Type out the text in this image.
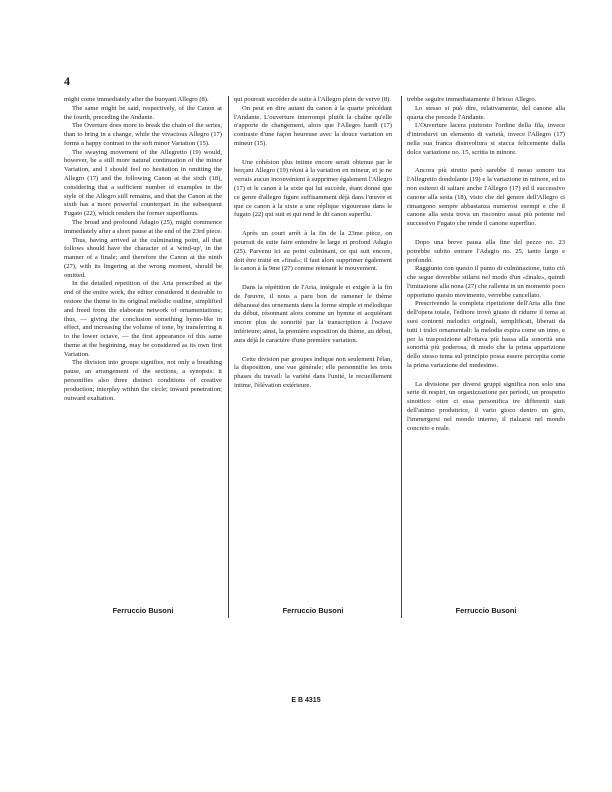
4

might come immediately after the buoyant Allegro (8).

The same might be said, respectively, of the Canon at the fourth, preceding the Andante.

The Overture does more to break the chain of the series, than to bring in a change, while the vivacious Allegro (17) forms a happy contrast to the soft minor Variation (15).

The swaying movement of the Allegretto (19) would, however, be a still more natural continuation of the minor Variation, and I should feel no hesitation in omitting the Allegro (17) and the following Canon at the sixth (18), considering that a sufficient number of examples in the style of the Allegro still remains, and that the Canon at the sixth has a more powerful counterpart in the subsequent Fugato (22), which renders the former superfluous.

The broad and profound Adagio (25), might commence immediately after a short pause at the end of the 23rd piece.

Thus, having arrived at the culminating point, all that follows should have the character of a 'wind-up', in the manner of a finale; and therefore the Canon at the ninth (27), with its lingering at the wrong moment, should be omitted.

In the detailed repetition of the Aria prescribed at the end of the entire work, the editor considered it desirable to restore the theme to its original melodic outline, simplified and freed from the elaborate network of ornamentations; thus, — giving the conclusion something hymn-like in effect, and increasing the volume of tone, by transferring it to the lower octave, — the first appearance of this same theme at the beginning, may be considered as its own first Variation.

The division into groups signifies, not only a breathing pause, an arrangement of the sections, a synopsis: it personifies also three distinct conditions of creative production; interplay within the circle; inward penetration; outward exaltation.

qui pourrait succéder de suite à l'Allegro plein de verve (8).

On peut en dire autant du canon à la quarte précédant l'Andante. L'ouverture interrompt plutôt la chaîne qu'elle n'apporte de changement, alors que l'Allegro hardi (17) contraste d'une façon heureuse avec la douce variation en mineur (15).

Une cohésion plus intime encore serait obtenue par le berçant Allegro (19) réuni à la variation en mineur, et je ne verrais aucun inconvénient à supprimer également l'Allegro (17) et le canon à la sixte qui lui succède, étant donné que ce genre d'allegro figure suffisamment déjà dans l'œuvre et que ce canon à la sixte a une réplique vigoureuse dans le fugato (22) qui suit et qui rend le dit canon superflu.

Après un court arrêt à la fin de la 23me pièce, on pourrait de suite faire entendre le large et profond Adagio (25). Parvenu ici au point culminant, ce qui suit encore, doit être traité en «final»; il faut alors supprimer également le canon à la 9me (27) comme retenant le mouvement.

Dans la répétition de l'Aria, intégrale et exigée à la fin de l'œuvre, il nous a paru bon de ramener le thème débarassé des ornements dans la forme simple et mélodique du début, résonnant alors comme un hymne et acquiérant encore plus de sonorité par la transcription à l'octave inférieure; ainsi, la première exposition du thème, au début, aura déjà le caractère d'une première variation.

Cette division par groupes indique non seulement l'élan, la disposition, une vue générale: elle personnifie les trois phases du travail: la variété dans l'unité, le recueillement intime, l'élévation extérieure.

trebbe seguire immediatamente il brioso Allegro.

Lo stesso si può dire, relativamente, del canone alla quarta che precede l'Andante.

L'Ouverture lacera piuttosto l'ordine della fila, invece d'introdurvi un elemento di varietà, invece l'Allegro (17) nella sua franca disinvoltura si stacca felicemente dalla dolce variazione no. 15, scritta in minore.

Ancora più stretto però sarebbe il nesso sonoro tra l'Allegretto dondolante (19) e la variazione in minore, ed io non esiterei di saltare anche l'Allegro (17) ed il successivo canone alla sesta (18), visto che del genere dell'Allegro ci rimangono sempre abbastanza numerosi esempi e che il canone alla sesta trova un riscontro assai più potente nel successivo Fugato che rende il canone superfluo.

Dopo una breve pausa alla fine del pezzo no. 23 potrebbe subito entrare l'Adagio no. 25, tanto largo e profondo.

Raggiunto con questo il punto di culminazione, tutto ciò che segue dovrebbe stilarsi nel modo d'un «finale», quindi l'imitazione alla nona (27) che rallenta in un momento poco opportuno questo movimento, verrebbe cancellato.

Prescrivendo la completa ripetizione dell'Aria alla fine dell'opera totale, l'editore trovò giusto di ridurre il tema ai suoi contorni melodici originali, semplificati, liberati da tutti i tralci ornamentali: la melodia espira come un inno, e per la trasposizione all'ottava più bassa alla sonorità una sonorità più poderosa, di modo che la prima apparizione dello stesso tema sul principio possa essere percepita come la prima variazione del medesimo.

La divisione per diversi gruppi significa non solo una serie di respiri, un organizzazione per periodi, un prospetto sinottico: ottre ci essa personifica tre differenti stati dell'animo produttrice, il vario gioco dentro un giro, l'immergersi nel mondo interno, il rialzarsi nel mondo concreto e reale.

Ferruccio Busoni	Ferruccio Busoni	Ferruccio Busoni
E B 4315
